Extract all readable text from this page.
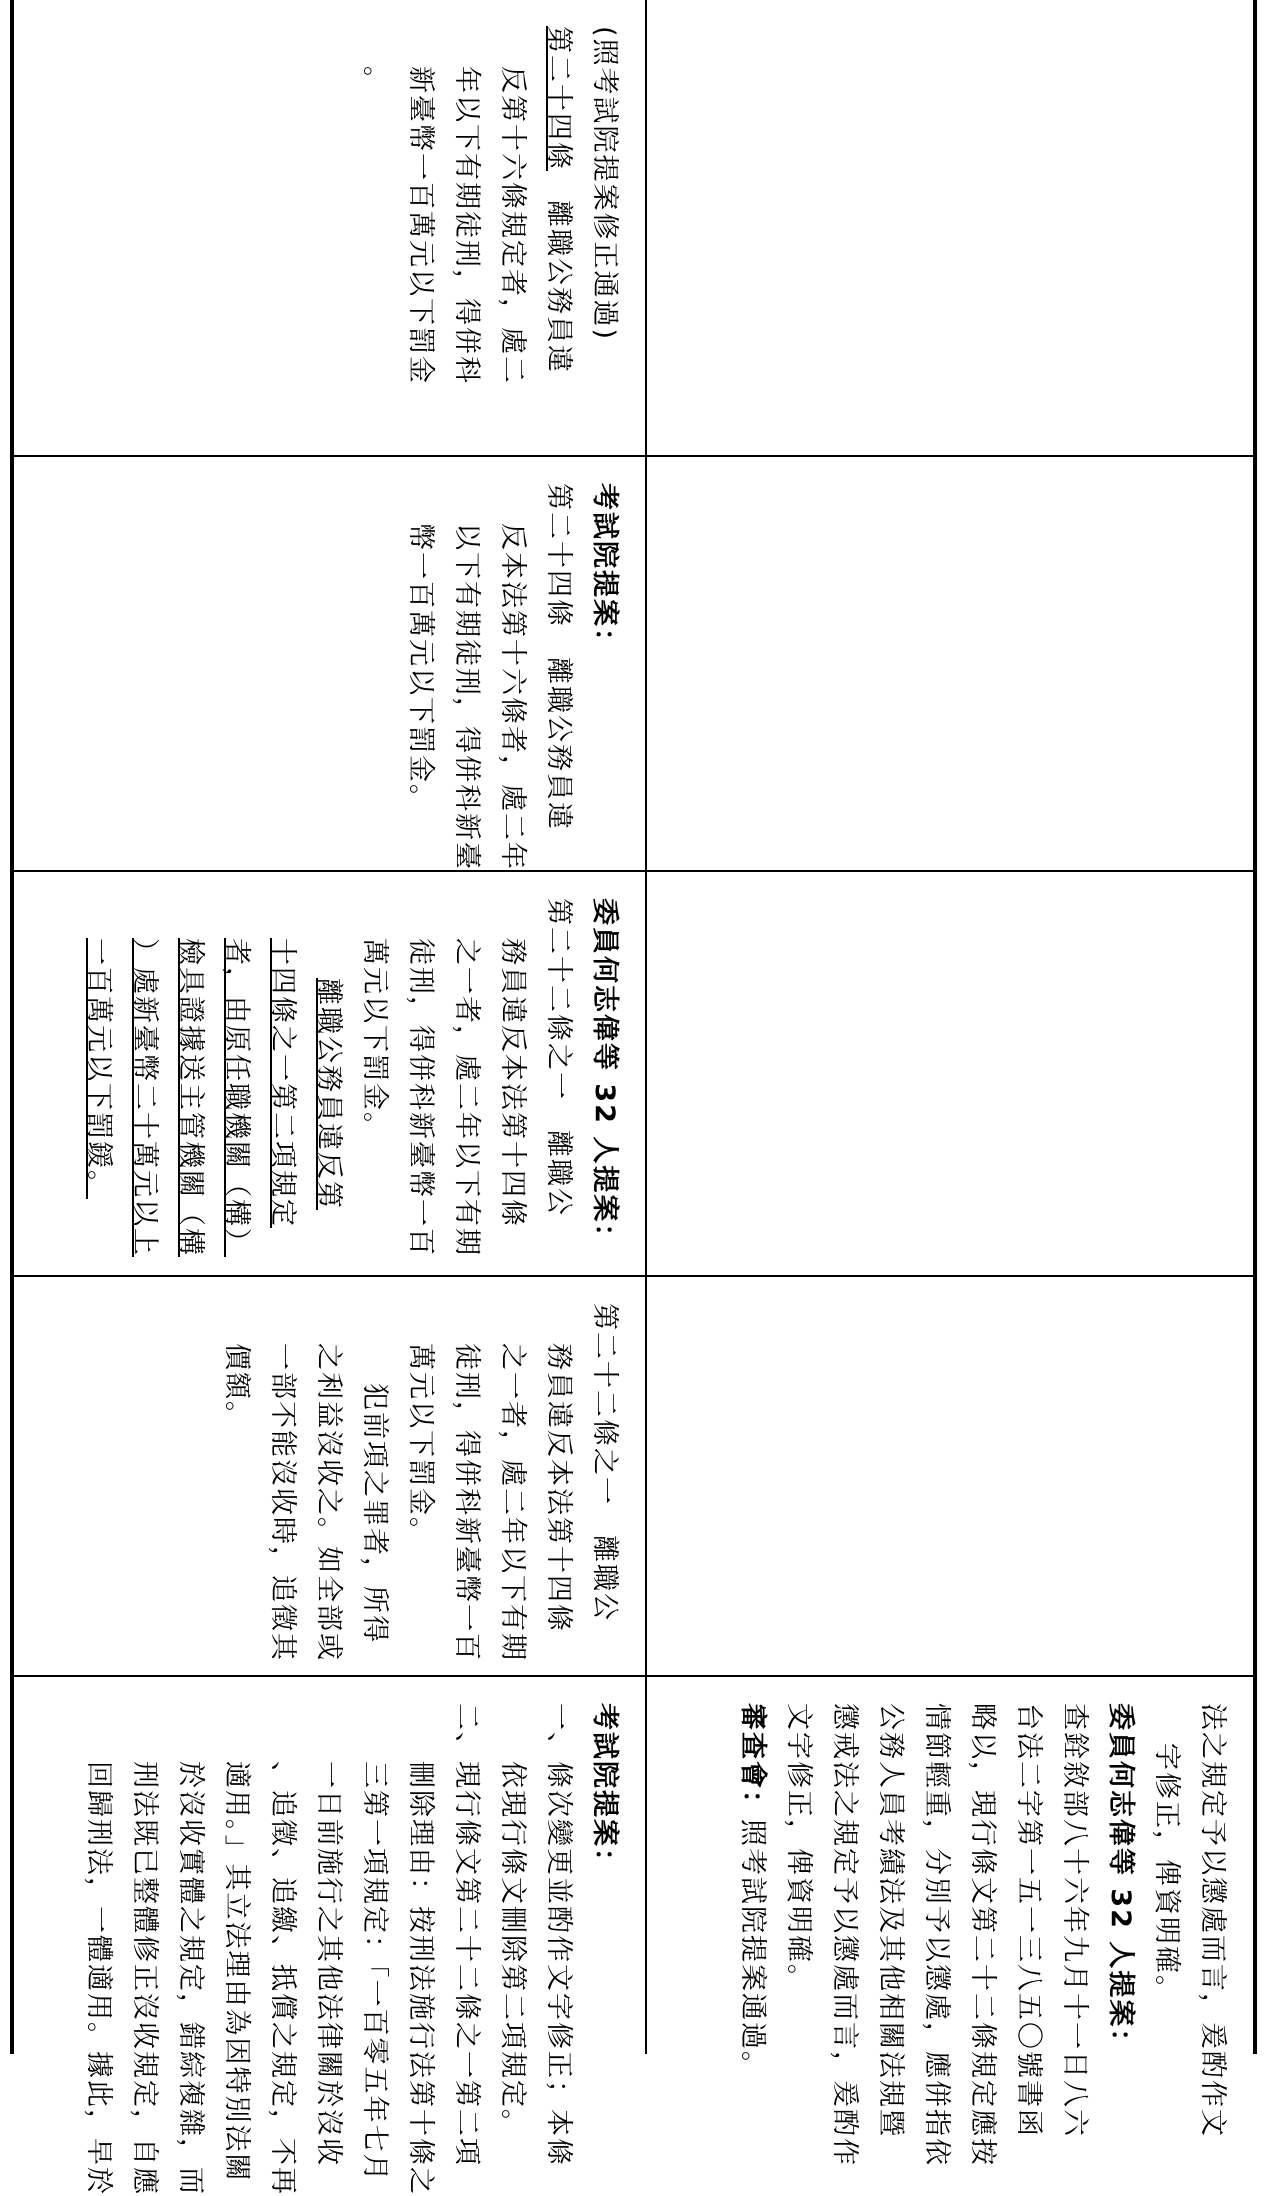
(照考試院提案修正通過)
第二十四條　離職公務員違
反第十六條規定者，處二
年以下有期徒刑，得併科
新臺幣一百萬元以下罰金
。
考試院提案：
第二十四條　離職公務員違
反本法第十六條者，處二年
以下有期徒刑，得併科新臺
幣一百萬元以下罰金。
委員何志偉等 32 人提案：
第二十二條之一　離職公
務員違反本法第十四條
之一者，處二年以下有期
徒刑，得併科新臺幣一百
萬元以下罰金。
離職公務員違反第
十四條之一第二項規定
者，由原任職機關（構）
檢具證據送主管機關（構
）處新臺幣二十萬元以上
一百萬元以下罰鍰。
第二十二條之一　離職公
務員違反本法第十四條
之一者，處二年以下有期
徒刑，得併科新臺幣一百
萬元以下罰金。
犯前項之罪者，所得
之利益沒收之。如全部或
一部不能沒收時，追徵其
價額。
考試院提案：
一、條次變更並酌作文字修正；本條
　　依現行條文刪除第二項規定。
二、現行條文第二十二條之一第二項
　　刪除理由：按刑法施行法第十條之
　　三第一項規定：「一百零五年七月
　　一日前施行之其他法律關於沒收
　　、追徵、追繳、抵償之規定，不再
　　適用。」其立法理由為因特別法關
　　於沒收實體之規定，錯綜複雜，而
　　刑法既已整體修正沒收規定，自應
　　回歸刑法，一體適用。據此，早於	法之規定予以懲處而言，爰酌作文
字修正，俾資明確。
委員何志偉等 32 人提案：
查銓敘部八十六年九月十一日八六
台法二字第一五一三八五〇號書函
略以，現行條文第二十二條規定應按
情節輕重，分別予以懲處，應併指依
公務人員考績法及其他相關法規暨
懲戒法之規定予以懲處而言，爰酌作
文字修正，俾資明確。
審查會：照考試院提案通過。
